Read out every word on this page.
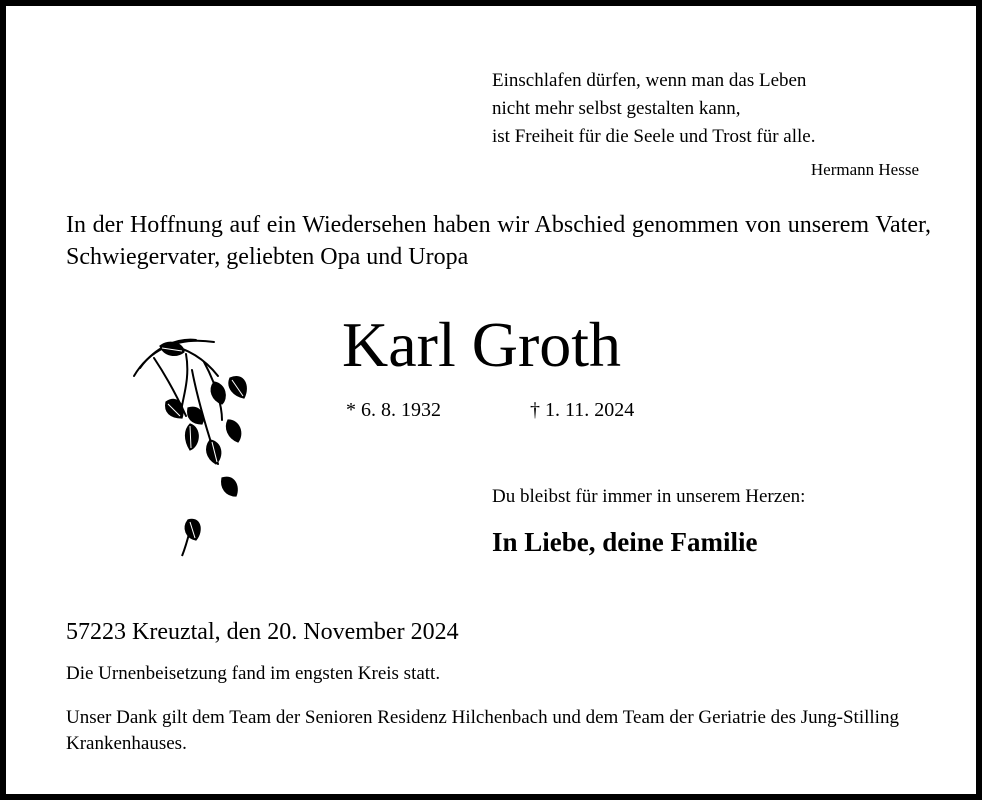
Einschlafen dürfen, wenn man das Leben
nicht mehr selbst gestalten kann,
ist Freiheit für die Seele und Trost für alle.
Hermann Hesse

In der Hoffnung auf ein Wiedersehen haben wir Abschied genommen von unserem Vater, Schwiegervater, geliebten Opa und Uropa

Karl Groth
* 6. 8. 1932	† 1. 11. 2024
Du bleibst für immer in unserem Herzen:
In Liebe, deine Familie
57223 Kreuztal, den 20. November 2024
Die Urnenbeisetzung fand im engsten Kreis statt.

Unser Dank gilt dem Team der Senioren Residenz Hilchenbach und dem Team der Geriatrie des Jung-Stilling Krankenhauses.
